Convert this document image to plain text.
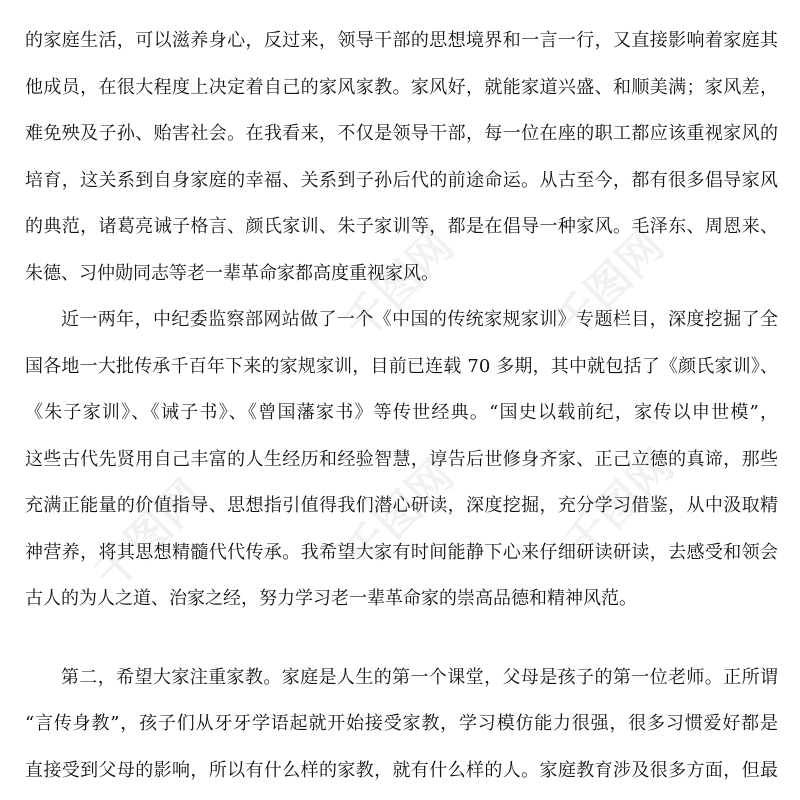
千图网 千图网
千图网	千图网 千图网
的家庭生活，可以滋养身心，反过来，领导干部的思想境界和一言一行，又直接影响着家庭其
他成员，在很大程度上决定着自己的家风家教。家风好，就能家道兴盛、和顺美满；家风差，
难免殃及子孙、贻害社会。在我看来，不仅是领导干部，每一位在座的职工都应该重视家风的
培育，这关系到自身家庭的幸福、关系到子孙后代的前途命运。从古至今，都有很多倡导家风
的典范，诸葛亮诫子格言、颜氏家训、朱子家训等，都是在倡导一种家风。毛泽东、周恩来、
朱德、习仲勋同志等老一辈革命家都高度重视家风。
近一两年，中纪委监察部网站做了一个《中国的传统家规家训》专题栏目，深度挖掘了全
国各地一大批传承千百年下来的家规家训，目前已连载 70 多期，其中就包括了《颜氏家训》、
《朱子家训》、《诫子书》、《曾国藩家书》等传世经典。“国史以载前纪，家传以申世模”，
这些古代先贤用自己丰富的人生经历和经验智慧，谆告后世修身齐家、正己立德的真谛，那些
充满正能量的价值指导、思想指引值得我们潜心研读，深度挖掘，充分学习借鉴，从中汲取精
神营养，将其思想精髓代代传承。我希望大家有时间能静下心来仔细研读研读，去感受和领会
古人的为人之道、治家之经，努力学习老一辈革命家的崇高品德和精神风范。
第二，希望大家注重家教。家庭是人生的第一个课堂，父母是孩子的第一位老师。正所谓
“言传身教”，孩子们从牙牙学语起就开始接受家教，学习模仿能力很强，很多习惯爱好都是
直接受到父母的影响，所以有什么样的家教，就有什么样的人。家庭教育涉及很多方面，但最
